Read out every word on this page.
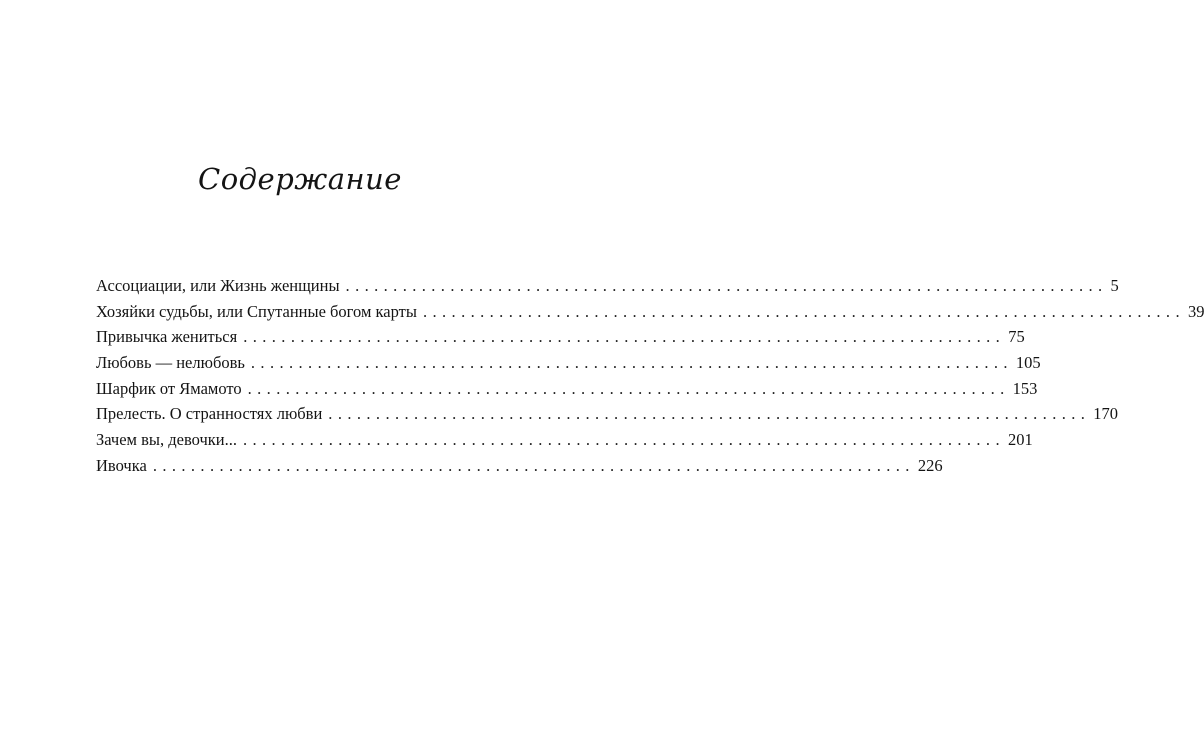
Содержание
Ассоциации, или Жизнь женщины ................................................................................ 5
Хозяйки судьбы, или Спутанные богом карты ................................................................................ 39
Привычка жениться ................................................................................ 75
Любовь — нелюбовь ................................................................................ 105
Шарфик от Ямамото ................................................................................ 153
Прелесть. О странностях любви ................................................................................ 170
Зачем вы, девочки... ................................................................................ 201
Ивочка ................................................................................ 226
